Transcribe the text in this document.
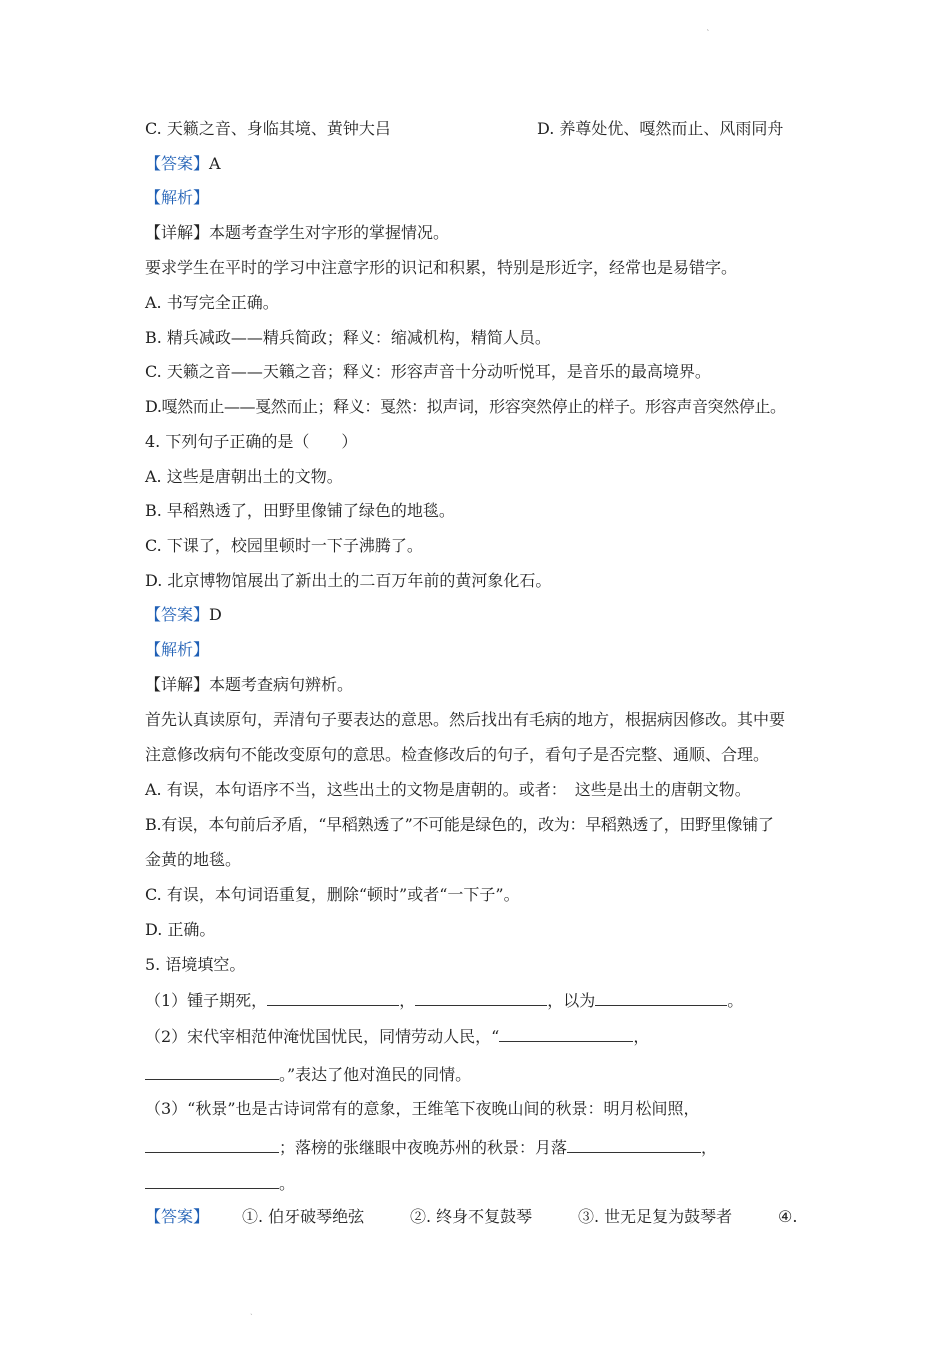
˛
C. 天籁之音、身临其境、黄钟大吕	D. 养尊处优、嘎然而止、风雨同舟
【答案】A
【解析】
【详解】本题考查学生对字形的掌握情况。
要求学生在平时的学习中注意字形的识记和积累，特别是形近字，经常也是易错字。
A. 书写完全正确。
B. 精兵减政——精兵简政；释义：缩减机构，精简人员。
C. 天籁之音——天籟之音；释义：形容声音十分动听悦耳，是音乐的最高境界。
D.嘎然而止——戛然而止；释义：戛然：拟声词，形容突然停止的样子。形容声音突然停止。
4. 下列句子正确的是（　　）
A. 这些是唐朝出土的文物。
B. 早稻熟透了，田野里像铺了绿色的地毯。
C. 下课了，校园里顿时一下子沸腾了。
D. 北京博物馆展出了新出土的二百万年前的黄河象化石。
【答案】D
【解析】
【详解】本题考查病句辨析。
首先认真读原句，弄清句子要表达的意思。然后找出有毛病的地方，根据病因修改。其中要
注意修改病句不能改变原句的意思。检查修改后的句子，看句子是否完整、通顺、合理。
A. 有误，本句语序不当，这些出土的文物是唐朝的。或者：　这些是出土的唐朝文物。
B.有误，本句前后矛盾，“早稻熟透了”不可能是绿色的，改为：早稻熟透了，田野里像铺了
金黄的地毯。
C. 有误，本句词语重复，删除“顿时”或者“一下子”。
D. 正确。
5. 语境填空。
（1）锺子期死，	，	，以为	。
（2）宋代宰相范仲淹忧国忧民，同情劳动人民，“	，
。”表达了他对渔民的同情。
（3）“秋景”也是古诗词常有的意象，王维笔下夜晚山间的秋景：明月松间照，
；落榜的张继眼中夜晚苏州的秋景：月落	，
。
【答案】 ①. 伯牙破琴绝弦	②. 终身不复鼓琴	③. 世无足复为鼓琴者	④.
ˎ
